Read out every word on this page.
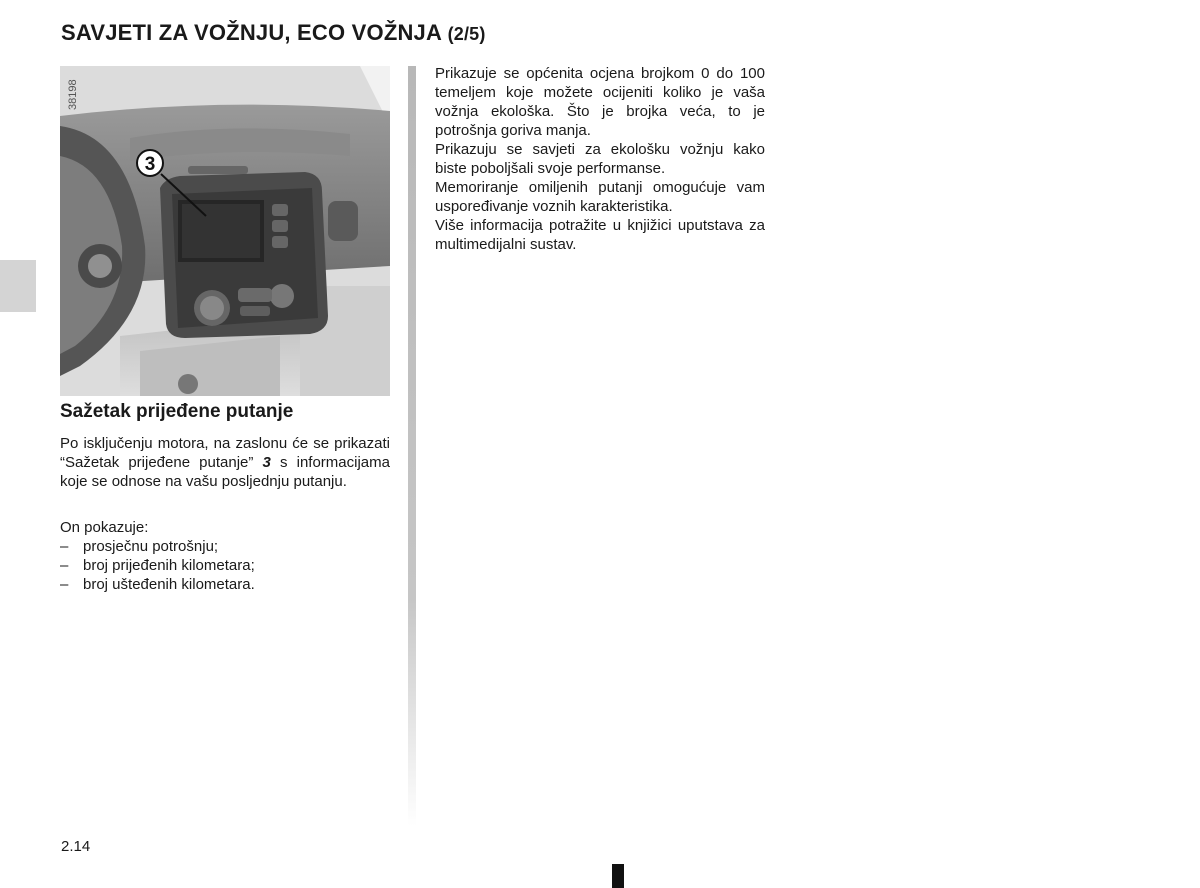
SAVJETI ZA VOŽNJU, ECO VOŽNJA (2/5)
3
38198
Sažetak prijeđene putanje
Po isključenju motora, na zaslonu će se prikazati “Sažetak prijeđene putanje” 3 s informacijama koje se odnose na vašu posljednju putanju.
On pokazuje:
– prosječnu potrošnju;
– broj prijeđenih kilometara;
– broj ušteđenih kilometara.

Prikazuje se općenita ocjena brojkom 0 do 100 temeljem koje možete ocijeniti koliko je vaša vožnja ekološka. Što je brojka veća, to je potrošnja goriva manja.

Prikazuju se savjeti za ekološku vožnju kako biste poboljšali svoje performanse.

Memoriranje omiljenih putanji omogućuje vam uspoređivanje voznih karakteristika.

Više informacija potražite u knjižici uputstava za multimedijalni sustav.

2.14
